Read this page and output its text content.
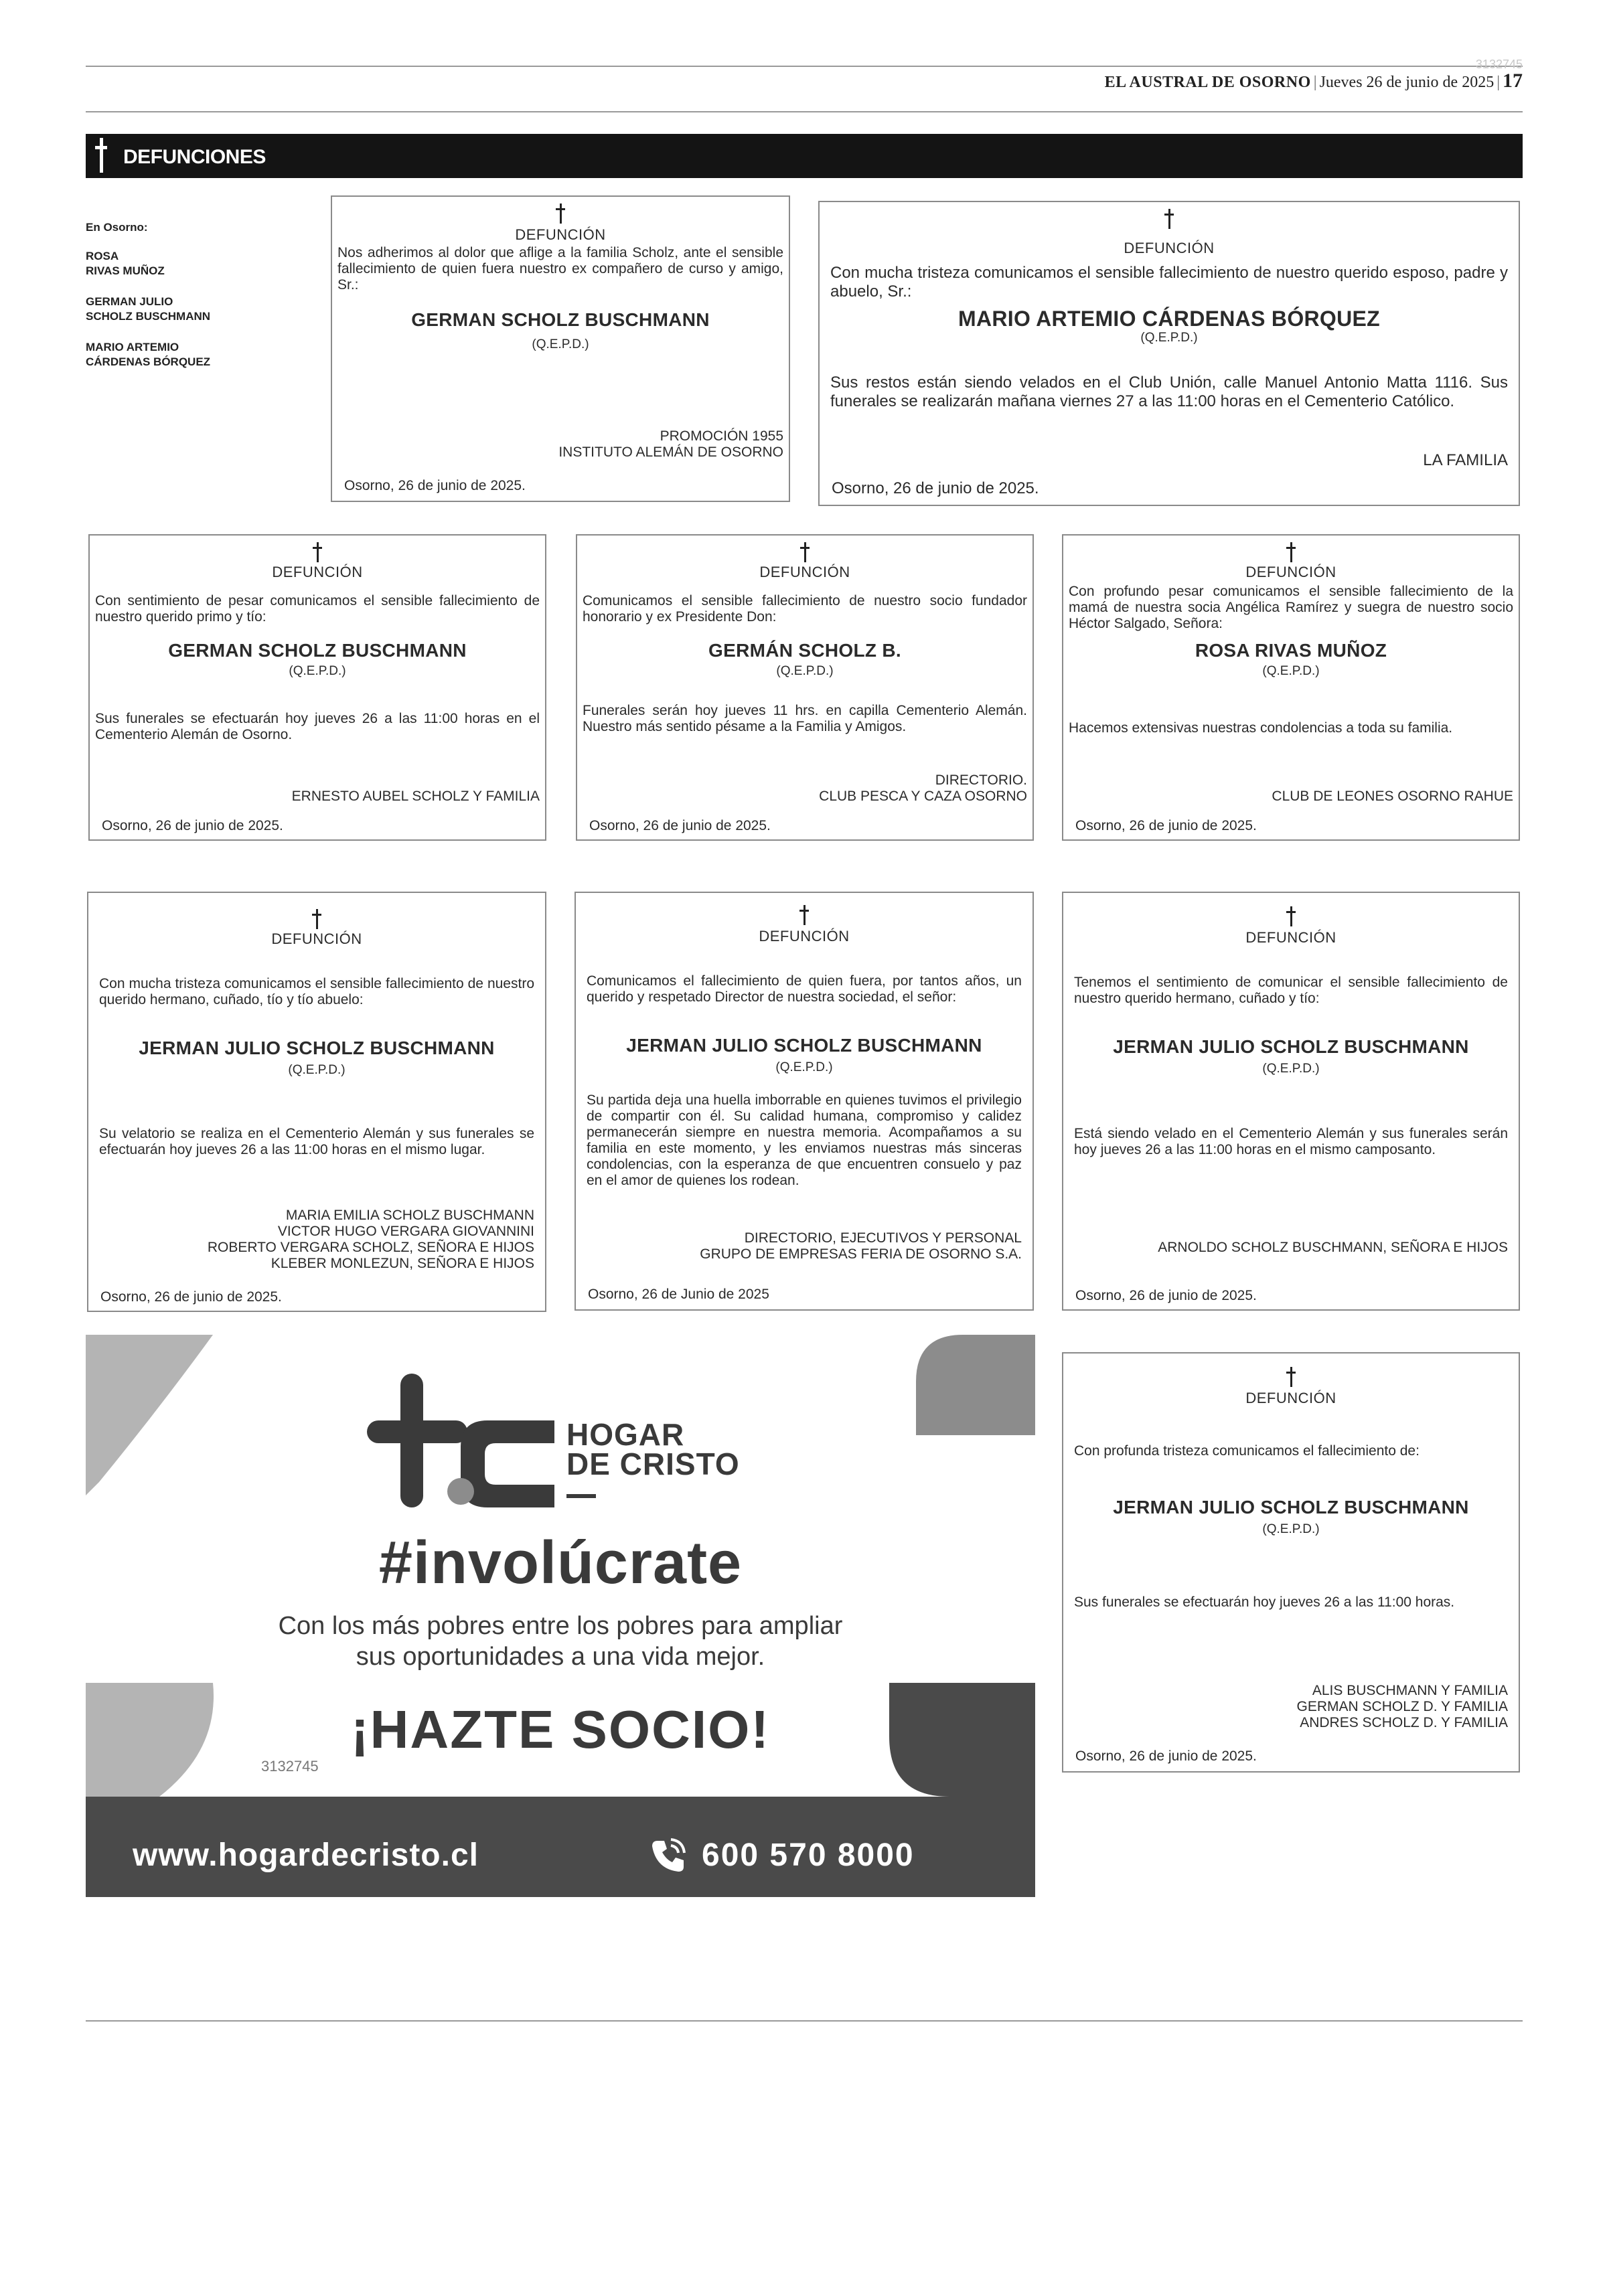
3132745
EL AUSTRAL DE OSORNO | Jueves 26 de junio de 2025 | 17
DEFUNCIONES
En Osorno:
ROSA
RIVAS MUÑOZ
GERMAN JULIO
SCHOLZ BUSCHMANN
MARIO ARTEMIO
CÁRDENAS BÓRQUEZ
DEFUNCIÓN
Nos adherimos al dolor que aflige a la familia Scholz, ante el sensible fallecimiento de quien fuera nuestro ex compañero de curso y amigo, Sr.:
GERMAN SCHOLZ BUSCHMANN
(Q.E.P.D.)
PROMOCIÓN 1955
INSTITUTO ALEMÁN DE OSORNO
Osorno, 26 de junio de 2025.
DEFUNCIÓN
Con mucha tristeza comunicamos el sensible fallecimiento de nuestro querido esposo, padre y abuelo, Sr.:
MARIO ARTEMIO CÁRDENAS BÓRQUEZ
(Q.E.P.D.)
Sus restos están siendo velados en el Club Unión, calle Manuel Antonio Matta 1116. Sus funerales se realizarán mañana viernes 27 a las 11:00 horas en el Cementerio Católico.
LA FAMILIA
Osorno, 26 de junio de 2025.
DEFUNCIÓN
Con sentimiento de pesar comunicamos el sensible fallecimiento de nuestro querido primo y tío:
GERMAN SCHOLZ BUSCHMANN
(Q.E.P.D.)
Sus funerales se efectuarán hoy jueves 26 a las 11:00 horas en el Cementerio Alemán de Osorno.
ERNESTO AUBEL SCHOLZ Y FAMILIA
Osorno, 26 de junio de 2025.
DEFUNCIÓN
Comunicamos el sensible fallecimiento de nuestro socio fundador honorario y ex Presidente Don:
GERMÁN SCHOLZ B.
(Q.E.P.D.)
Funerales serán hoy jueves 11 hrs. en capilla Cementerio Alemán. Nuestro más sentido pésame a la Familia y Amigos.
DIRECTORIO.
CLUB PESCA Y CAZA OSORNO
Osorno, 26 de junio de 2025.
DEFUNCIÓN
Con profundo pesar comunicamos el sensible fallecimiento de la mamá de nuestra socia Angélica Ramírez y suegra de nuestro socio Héctor Salgado, Señora:
ROSA RIVAS MUÑOZ
(Q.E.P.D.)
Hacemos extensivas nuestras condolencias a toda su familia.
CLUB DE LEONES OSORNO RAHUE
Osorno, 26 de junio de 2025.
DEFUNCIÓN
Con mucha tristeza comunicamos el sensible fallecimiento de nuestro querido hermano, cuñado, tío y tío abuelo:
JERMAN JULIO SCHOLZ BUSCHMANN
(Q.E.P.D.)
Su velatorio se realiza en el Cementerio Alemán y sus funerales se efectuarán hoy jueves 26 a las 11:00 horas en el mismo lugar.
MARIA EMILIA SCHOLZ BUSCHMANN
VICTOR HUGO VERGARA GIOVANNINI
ROBERTO VERGARA SCHOLZ, SEÑORA E HIJOS
KLEBER MONLEZUN, SEÑORA E HIJOS
Osorno, 26 de junio de 2025.
DEFUNCIÓN
Comunicamos el fallecimiento de quien fuera, por tantos años, un querido y respetado Director de nuestra sociedad, el señor:
JERMAN JULIO SCHOLZ BUSCHMANN
(Q.E.P.D.)
Su partida deja una huella imborrable en quienes tuvimos el privilegio de compartir con él. Su calidad humana, compromiso y calidez permanecerán siempre en nuestra memoria. Acompañamos a su familia en este momento, y les enviamos nuestras más sinceras condolencias, con la esperanza de que encuentren consuelo y paz en el amor de quienes los rodean.
DIRECTORIO, EJECUTIVOS Y PERSONAL
GRUPO DE EMPRESAS FERIA DE OSORNO S.A.
Osorno, 26 de Junio de 2025
DEFUNCIÓN
Tenemos el sentimiento de comunicar el sensible fallecimiento de nuestro querido hermano, cuñado y tío:
JERMAN JULIO SCHOLZ BUSCHMANN
(Q.E.P.D.)
Está siendo velado en el Cementerio Alemán y sus funerales serán hoy jueves 26 a las 11:00 horas en el mismo camposanto.
ARNOLDO SCHOLZ BUSCHMANN, SEÑORA E HIJOS
Osorno, 26 de junio de 2025.
DEFUNCIÓN
Con profunda tristeza comunicamos el fallecimiento de:
JERMAN JULIO SCHOLZ BUSCHMANN
(Q.E.P.D.)
Sus funerales se efectuarán hoy jueves 26 a las 11:00 horas.
ALIS BUSCHMANN Y FAMILIA
GERMAN SCHOLZ D. Y FAMILIA
ANDRES SCHOLZ D. Y FAMILIA
Osorno, 26 de junio de 2025.
HOGAR
DE CRISTO
#involúcrate
Con los más pobres entre los pobres para ampliar
sus oportunidades a una vida mejor.
¡HAZTE SOCIO!
3132745
www.hogardecristo.cl	600 570 8000
